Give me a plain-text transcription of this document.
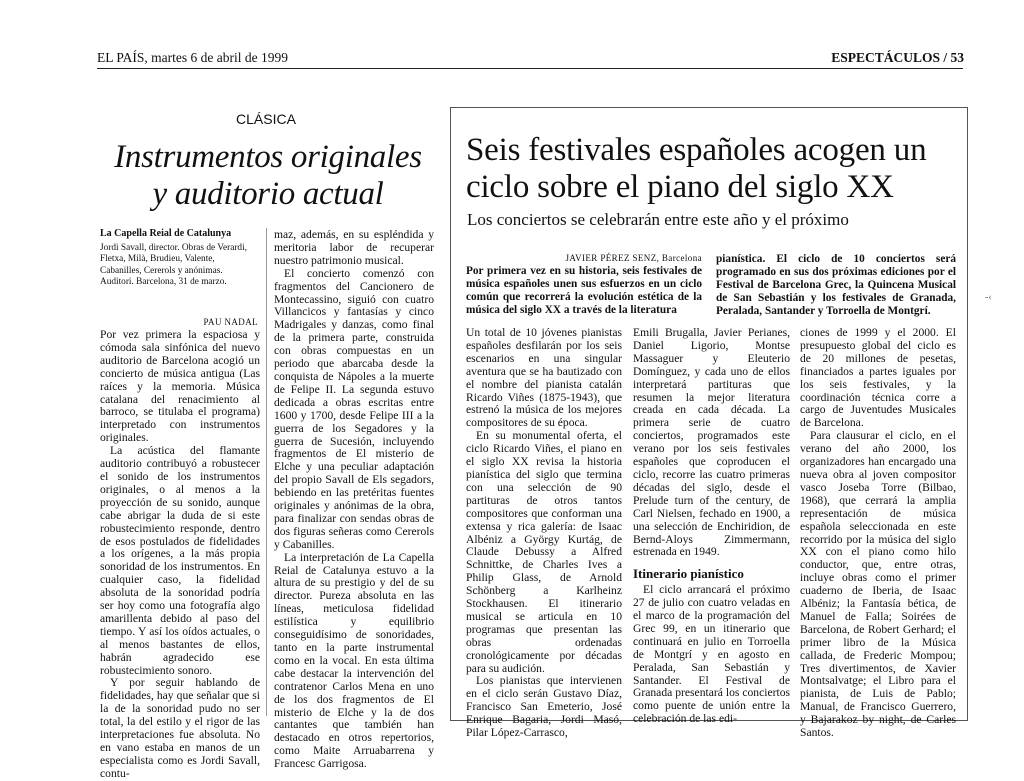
EL PAÍS, martes 6 de abril de 1999	ESPECTÁCULOS / 53
CLÁSICA
Instrumentos originales
y auditorio actual
La Capella Reial de Catalunya
Jordi Savall, director. Obras de Verardi, Fletxa, Milà, Brudieu, Valente, Cabanilles, Cererols y anónimas. Auditori. Barcelona, 31 de marzo.
PAU NADAL

Por vez primera la espaciosa y cómoda sala sinfónica del nuevo auditorio de Barcelona acogió un concierto de música antigua (Las raíces y la memoria. Música catalana del renacimiento al barroco, se titulaba el programa) interpretado con instrumentos originales.

La acústica del flamante auditorio contribuyó a robustecer el sonido de los instrumentos originales, o al menos a la proyección de su sonido, aunque cabe abrigar la duda de si este robustecimiento responde, dentro de esos postulados de fidelidades a los orígenes, a la más propia sonoridad de los instrumentos. En cualquier caso, la fidelidad absoluta de la sonoridad podría ser hoy como una fotografía algo amarillenta debido al paso del tiempo. Y así los oídos actuales, o al menos bastantes de ellos, habrán agradecido ese robustecimiento sonoro.

Y por seguir hablando de fidelidades, hay que señalar que si la de la sonoridad pudo no ser total, la del estilo y el rigor de las interpretaciones fue absoluta. No en vano estaba en manos de un especialista como es Jordi Savall, contu-

maz, además, en su espléndida y meritoria labor de recuperar nuestro patrimonio musical.

El concierto comenzó con fragmentos del Cancionero de Montecassino, siguió con cuatro Villancicos y fantasías y cinco Madrigales y danzas, como final de la primera parte, construida con obras compuestas en un periodo que abarcaba desde la conquista de Nápoles a la muerte de Felipe II. La segunda estuvo dedicada a obras escritas entre 1600 y 1700, desde Felipe III a la guerra de los Segadores y la guerra de Sucesión, incluyendo fragmentos de El misterio de Elche y una peculiar adaptación del propio Savall de Els segadors, bebiendo en las pretéritas fuentes originales y anónimas de la obra, para finalizar con sendas obras de dos figuras señeras como Cererols y Cabanilles.

La interpretación de La Capella Reial de Catalunya estuvo a la altura de su prestigio y del de su director. Pureza absoluta en las líneas, meticulosa fidelidad estilística y equilibrio conseguidísimo de sonoridades, tanto en la parte instrumental como en la vocal. En esta última cabe destacar la intervención del contratenor Carlos Mena en uno de los dos fragmentos de El misterio de Elche y la de dos cantantes que también han destacado en otros repertorios, como Maite Arruabarrena y Francesc Garrigosa.

Seis festivales españoles acogen un
ciclo sobre el piano del siglo XX
Los conciertos se celebrarán entre este año y el próximo
JAVIER PÉREZ SENZ, Barcelona
Por primera vez en su historia, seis festivales de música españoles unen sus esfuerzos en un ciclo común que recorrerá la evolución estética de la música del siglo XX a través de la literatura
pianística. El ciclo de 10 conciertos será programado en sus dos próximas ediciones por el Festival de Barcelona Grec, la Quincena Musical de San Sebastián y los festivales de Granada, Peralada, Santander y Torroella de Montgrí.

Un total de 10 jóvenes pianistas españoles desfilarán por los seis escenarios en una singular aventura que se ha bautizado con el nombre del pianista catalán Ricardo Viñes (1875-1943), que estrenó la música de los mejores compositores de su época.

En su monumental oferta, el ciclo Ricardo Viñes, el piano en el siglo XX revisa la historia pianística del siglo que termina con una selección de 90 partituras de otros tantos compositores que conforman una extensa y rica galería: de Isaac Albéniz a György Kurtág, de Claude Debussy a Alfred Schnittke, de Charles Ives a Philip Glass, de Arnold Schönberg a Karlheinz Stockhausen. El itinerario musical se articula en 10 programas que presentan las obras ordenadas cronológicamente por décadas para su audición.

Los pianistas que intervienen en el ciclo serán Gustavo Díaz, Francisco San Emeterio, José Enrique Bagaria, Jordi Masó, Pilar López-Carrasco,

Emili Brugalla, Javier Perianes, Daniel Ligorio, Montse Massaguer y Eleuterio Domínguez, y cada uno de ellos interpretará partituras que resumen la mejor literatura creada en cada década. La primera serie de cuatro conciertos, programados este verano por los seis festivales españoles que coproducen el ciclo, recorre las cuatro primeras décadas del siglo, desde el Prelude turn of the century, de Carl Nielsen, fechado en 1900, a una selección de Enchiridion, de Bernd-Aloys Zimmermann, estrenada en 1949.

Itinerario pianístico

El ciclo arrancará el próximo 27 de julio con cuatro veladas en el marco de la programación del Grec 99, en un itinerario que continuará en julio en Torroella de Montgrí y en agosto en Peralada, San Sebastián y Santander. El Festival de Granada presentará los conciertos como puente de unión entre la celebración de las edi-

ciones de 1999 y el 2000. El presupuesto global del ciclo es de 20 millones de pesetas, financiados a partes iguales por los seis festivales, y la coordinación técnica corre a cargo de Juventudes Musicales de Barcelona.

Para clausurar el ciclo, en el verano del año 2000, los organizadores han encargado una nueva obra al joven compositor vasco Joseba Torre (Bilbao, 1968), que cerrará la amplia representación de música española seleccionada en este recorrido por la música del siglo XX con el piano como hilo conductor, que, entre otras, incluye obras como el primer cuaderno de Iberia, de Isaac Albéniz; la Fantasía bética, de Manuel de Falla; Soirées de Barcelona, de Robert Gerhard; el primer libro de la Música callada, de Frederic Mompou; Tres divertimentos, de Xavier Montsalvatge; el Libro para el pianista, de Luis de Pablo; Manual, de Francisco Guerrero, y Bajarakoz by night, de Carles Santos.

-‹
